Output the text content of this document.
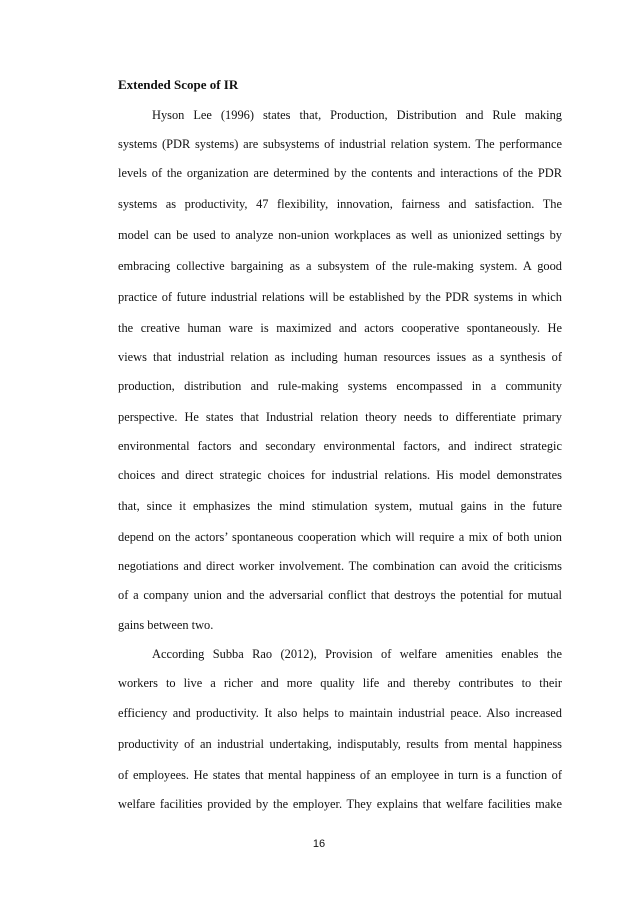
Extended Scope of IR
Hyson Lee (1996) states that, Production, Distribution and Rule making
systems (PDR systems) are subsystems of industrial relation system. The performance
levels of the organization are determined by the contents and interactions of the PDR
systems as productivity, 47 flexibility, innovation, fairness and satisfaction. The
model can be used to analyze non-union workplaces as well as unionized settings by
embracing collective bargaining as a subsystem of the rule-making system. A good
practice of future industrial relations will be established by the PDR systems in which
the creative human ware is maximized and actors cooperative spontaneously. He
views that industrial relation as including human resources issues as a synthesis of
production, distribution and rule-making systems encompassed in a community
perspective. He states that Industrial relation theory needs to differentiate primary
environmental factors and secondary environmental factors, and indirect strategic
choices and direct strategic choices for industrial relations. His model demonstrates
that, since it emphasizes the mind stimulation system, mutual gains in the future
depend on the actors’ spontaneous cooperation which will require a mix of both union
negotiations and direct worker involvement. The combination can avoid the criticisms
of a company union and the adversarial conflict that destroys the potential for mutual
gains between two.
According Subba Rao (2012), Provision of welfare amenities enables the
workers to live a richer and more quality life and thereby contributes to their
efficiency and productivity. It also helps to maintain industrial peace. Also increased
productivity of an industrial undertaking, indisputably, results from mental happiness
of employees. He states that mental happiness of an employee in turn is a function of
welfare facilities provided by the employer. They explains that welfare facilities make
16
